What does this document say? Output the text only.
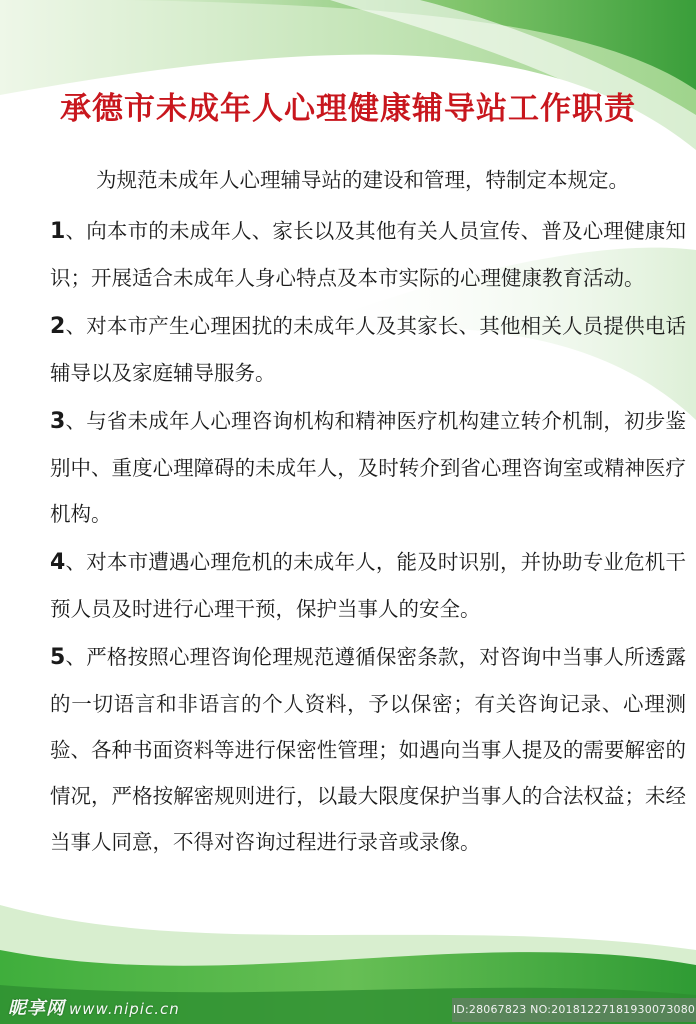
承德市未成年人心理健康辅导站工作职责

为规范未成年人心理辅导站的建设和管理，特制定本规定。

1、向本市的未成年人、家长以及其他有关人员宣传、普及心理健康知识；开展适合未成年人身心特点及本市实际的心理健康教育活动。

2、对本市产生心理困扰的未成年人及其家长、其他相关人员提供电话辅导以及家庭辅导服务。

3、与省未成年人心理咨询机构和精神医疗机构建立转介机制，初步鉴别中、重度心理障碍的未成年人，及时转介到省心理咨询室或精神医疗机构。

4、对本市遭遇心理危机的未成年人，能及时识别，并协助专业危机干预人员及时进行心理干预，保护当事人的安全。

5、严格按照心理咨询伦理规范遵循保密条款，对咨询中当事人所透露的一切语言和非语言的个人资料，予以保密；有关咨询记录、心理测验、各种书面资料等进行保密性管理；如遇向当事人提及的需要解密的情况，严格按解密规则进行，以最大限度保护当事人的合法权益；未经当事人同意，不得对咨询过程进行录音或录像。

昵享网 www.nipic.cn	ID:28067823 NO:20181227181930073080
